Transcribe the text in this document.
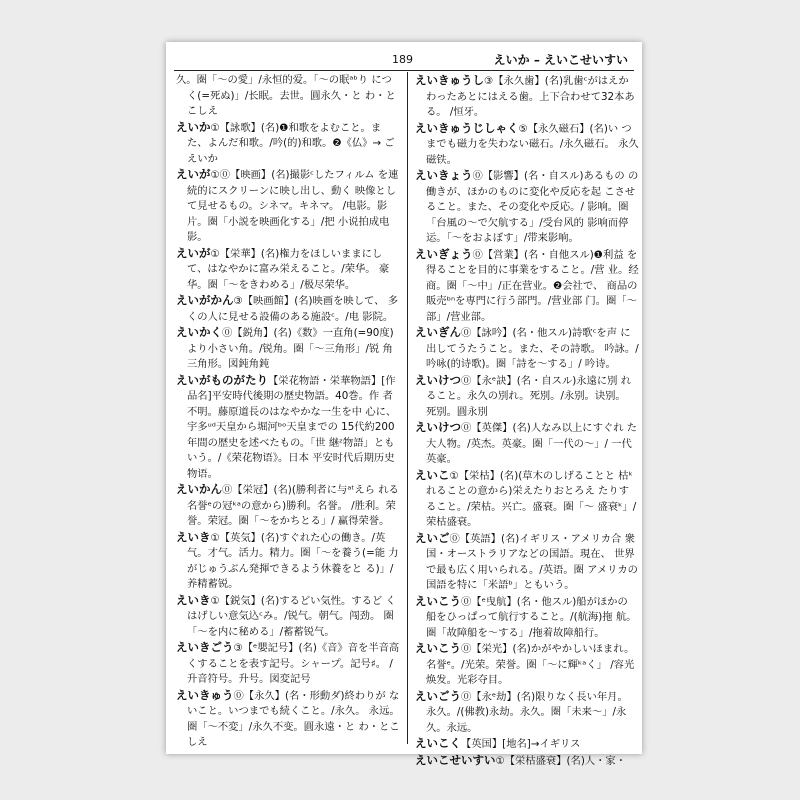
189	えいか – えいこせいすい

久。圏「～の愛」/永恒的爱。「～の眠ᵃᵇり につく(=死ぬ)」/长眠。去世。圓永久・と わ・とこしえ

えいか①【詠歌】(名)❶和歌をよむこと。ま た、よんだ和歌。/吟(的)和歌。❷《仏》→ ごえいか

えいが①⓪【映画】(名)撮影ᶜしたフィルム を連続的にスクリーンに映し出し、動く 映像として見せるもの。シネマ。キネマ。 /电影。影片。圏「小説を映画化する」/把 小说拍成电影。

えいが①【栄華】(名)権力をほしいままにし て、はなやかに富み栄えること。/荣华。 豪华。圏「～をきわめる」/极尽荣华。

えいがかん③【映画館】(名)映画を映して、 多くの人に見せる設備のある施設ᶜ。/电 影院。

えいかく⓪【鋭角】(名)《数》一直角(=90度) より小さい角。/锐角。圏「～三角形」/锐 角三角形。図鈍角鈍

えいがものがたり【栄花物語・栄華物語】[作 品名]平安時代後期の歴史物語。40巻。作 者不明。藤原道長のはなやかな一生を中 心に、宇多ᵘᵈ天皇から堀河ᵇᵒ天皇までの 15代約200年間の歴史を述べたもの。「世 継ᶻ物語」ともいう。/《荣花物语》。日本 平安时代后期历史物语。

えいかん⓪【栄冠】(名)(勝利者に与ᵃᵗえら れる名誉ᵉの冠ᵏᵃの意から)勝利。名誉。 /胜利。荣誉。荣冠。圏「～をかちとる」/ 赢得荣誉。

えいき①【英気】(名)すぐれた心の働き。/英 气。才气。活力。精力。圏「～を養う(=能 力がじゅうぶん発揮できるよう休養をと る)」/养精蓄锐。

えいき①【鋭気】(名)するどい気性。するど くはげしい意気込ᶜみ。/锐气。朝气。闯劲。 圏「～を内に秘める」/蓄蓄锐气。

えいきごう③【ᵉ嬰記号】(名)《音》音を半音高 くすることを表す記号。シャープ。記号♯。 /升音符号。升号。図変記号

えいきゅう⓪【永久】(名・形動ダ)終わりが ないこと。いつまでも続くこと。/永久。 永远。圏「～不変」/永久不变。圓永遠・と わ・とこしえ

えいきゅうし③【永久歯】(名)乳歯ᶜがはえか わったあとにはえる歯。上下合わせて32本ある。 /恒牙。

えいきゅうじしゃく⑤【永久磁石】(名)い つまでも磁力を失わない磁石。/永久磁石。 永久磁铁。

えいきょう⓪【影響】(名・自スル)あるもの の働きが、ほかのものに変化や反応を起 こさせること。また、その変化や反応。/ 影响。圏「台風の～で欠航する」/受台风的 影响而停运。「～をおよぼす」/带来影响。

えいぎょう⓪【営業】(名・自他スル)❶利益 を得ることを目的に事業をすること。/营 业。经商。圏「～中」/正在营业。❷会社で、 商品の販売ᵇⁿを専門に行う部門。/营业部 门。圏「～部」/营业部。

えいぎん⓪【詠吟】(名・他スル)詩歌ᶜを声 に出してうたうこと。また、その詩歌。 吟詠。/吟咏(的诗歌)。圏「詩を～する」/ 吟诗。

えいけつ⓪【永ᵉ訣】(名・自スル)永遠に別 れること。永久の別れ。死別。/永别。诀别。 死别。圓永別

えいけつ⓪【英傑】(名)人なみ以上にすぐれ た大人物。/英杰。英豪。圏「一代の～」/ 一代英豪。

えいこ①【栄枯】(名)(草木のしげることと 枯ᵏれることの意から)栄えたりおとろえ たりすること。/荣枯。兴亡。盛衰。圏「～ 盛衰ᵏ」/荣枯盛衰。

えいご⓪【英語】(名)イギリス・アメリカ合 衆国・オーストラリアなどの国語。現在、 世界で最も広く用いられる。/英语。圏 アメリカの国語を特に「米語ᵇ」ともいう。

えいこう⓪【ᵉ曳航】(名・他スル)船がほかの 船をひっぱって航行すること。/(航海)拖 航。圏「故障船を～する」/拖着故障船行。

えいこう⓪【栄光】(名)かがやかしいほまれ。 名誉ᵉ。/光荣。荣誉。圏「～に輝ᵏᵃく」 /容光焕发。光彩夺目。

えいごう⓪【永ᵉ劫】(名)限りなく長い年月。 永久。/(佛教)永劫。永久。圏「未来～」/永 久。永远。

えいこく【英国】[地名]→イギリス

えいこせいすい①【栄枯盛衰】(名)人・家・
